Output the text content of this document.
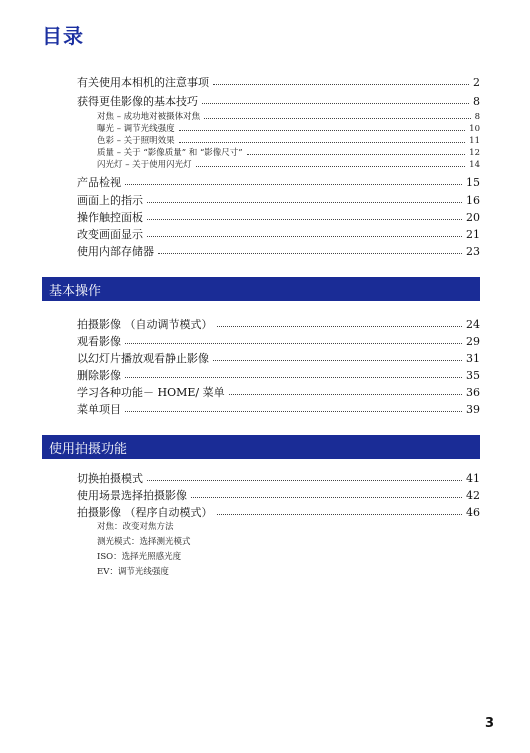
目录
有关使用本相机的注意事项	2
获得更佳影像的基本技巧	8
对焦 – 成功地对被摄体对焦	8
曝光 – 调节光线强度	10
色彩 – 关于照明效果	11
质量 – 关于 “影像质量” 和 “影像尺寸”	12
闪光灯 – 关于使用闪光灯	14
产品检视	15
画面上的指示	16
操作触控面板	20
改变画面显示	21
使用内部存储器	23
基本操作
拍摄影像 （自动调节模式）	24
观看影像	29
以幻灯片播放观看静止影像	31
删除影像	35
学习各种功能－ HOME/ 菜单	36
菜单项目	39
使用拍摄功能
切换拍摄模式	41
使用场景选择拍摄影像	42
拍摄影像 （程序自动模式）	46
对焦：改变对焦方法
测光模式：选择测光模式
ISO：选择光照感光度
EV：调节光线强度
3
